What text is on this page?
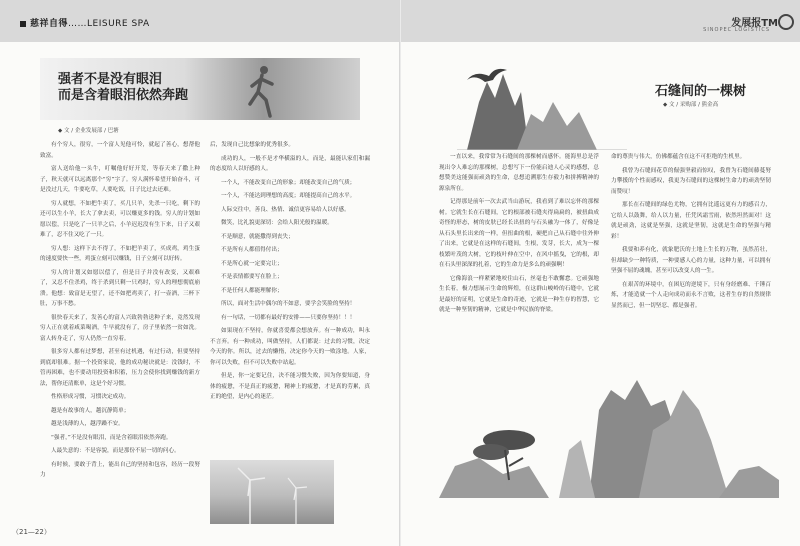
慈祥自得……LEISURE SPA
强者不是没有眼泪
而是含着眼泪依然奔跑
◆ 文 / 企业发展部 / 巴塘

有个穷人，很穷，一个富人见他可怜，就起了善心，想帮他致富。

富人送给他一头牛，叮嘱他好好开荒，等春天来了撒上种子，秋天就可以远离那个“穷”字了。穷人满怀希望开始奋斗，可是没过几天，牛要吃草，人要吃饭，日子比过去还难。

穷人就想，不如把牛卖了，买几只羊，先杀一只吃，剩下的还可以生小羊，长大了拿去卖，可以赚更多的钱。穷人的计划如愿以偿，只是吃了一只羊之后，小羊迟迟没有生下来，日子又艰难了，忍不住又吃了一只。

穷人想：这样下去不得了，不如把羊卖了，买成鸡，鸡生蛋的速度要快一些，鸡蛋立刻可以赚钱，日子立刻可以好转。

穷人的计划又如愿以偿了，但是日子并没有改变，又艰难了，又忍不住杀鸡，终于杀到只剩一只鸡时，穷人的理想彻底崩溃。他想：致富是无望了，还不如把鸡卖了，打一壶酒，三杯下肚，万事不愁。

很快春天来了，发善心的富人兴致勃勃送种子来，竟然发现穷人正在就着咸菜喝酒，牛早就没有了，房子里依然一贫如洗。富人转身走了，穷人仍然一直穷着。

很多穷人都有过梦想，甚至有过机遇，有过行动，但要坚持到底却很难。据一个投资家说，他的成功秘诀就是：没钱时，不管再困难，也不要动用投资和积蓄，压力会使你找到赚钱的新方法，帮你还清账单，这是个好习惯。

性格形成习惯，习惯决定成功。

越是有故事的人，越沉静简单；

越是浅薄的人，越浮躁不安。

“强者，”不是没有眼泪，而是含着眼泪依然奔跑。

人最失意的：不是容貌，而是那份不屈一切的问心。

有时候，要敢于背上，能出自己的坚持和包容，经历一段努力

后，发现自己比想象的优秀很多。

成功的人，一般不是才华横溢的人，而是，最能认家们和漏的态度给人以好感的人。

一个人，不能改变自己的形象；却能改变自己的气质；

一个人，不能达到理想的高度；却能提高自己的水平。

人际交往中，善良、热情、诚信更容易给人以好感。

微笑，比礼貌更深切：会给人阳光般的温暖。

不是顺意，就能撒得到丧失；

不是所有人都值得付出；

不是所心就一定要完让；

不是表情都要写在脸上；

不是任何人都能理解你；

所以，面对生活中偶尔的不如意，要学会笑脸的坚持！

有一句话，一切都有最好的安排——只要你坚持！！！

如果现在不坚持，你就喜爱都会想放弃。有一种成功，叫永不言弃。有一种成功，叫做坚持，人们都说：过去的习惯，决定今天的你。所以，过去的懒惰，决定你今天的一败涂地。人家，你可以失败，但不可以失败中站起。

但是，你一定要记住，决不能习惯失败，因为你要知道，身体的疲惫，不是真正的疲惫，精神上的疲惫，才是真的劳累，真正的绝望，是内心的迷茫。

（21—22）
发展报TM
SINOPEC LOGISTICS
石缝间的一棵树
◆ 文 / 采购部 / 熊金高

一直以来，我常常为石缝间的那棵树而感怀。能海里总是浮现出令人难忘的那棵树，总想写下一份能启迪人心灵的感想，总想赞美这能强而顽劲的生命，总想追溯那生存毅力和拼搏精神的源泉所在。

记得那是前年一次去武当山游玩，我看到了难以忘怀的那棵树。它就生长在石缝间，它的根部被石缝夹得扁扁的，被扭曲成奇怪的形态，树的皮肤已经长出扭的与石头融为一体了，好像是从石头里长出来的一样，但扭曲的根，硬把自己从石缝中往外伸了出来，它就是在这样的石缝间，生根，发芽，长大，成为一棵枝繁叶茂的大树，它的枝叶伸在空中，在风中摇曳，它的根，却在石头里深深的扎着，它的生命力是多么的顽强啊！

它像海浪一样紧紧地咬住山石，丝毫也不敢懈怠。它顽强地生长着，极力想展示生命的辉煌，在这群山峻岭的石缝中，它就是最好的证明，它就是生命的奇迹，它就是一种生存的智慧，它就是一种坚韧的精神，它就是中华民族的脊梁。

命的尊贵与伟大，仿佛都蕴含在这不可拒绝的生机里。

我曾为石缝间花草的倔强坚毅而惊叹，我曾为石缝间藤蔓努力攀援的个性而感叹，我更为石缝间的这棵树生命力的顽劲坚韧而赞叹！

那长在石缝间的绿色尤物，它拥有比遥远更有力的感召力，它给人以鼓舞，给人以力量，任凭风霜雪雨，依然坦然面对！这就是顽劲，这就是坚强，这就是坚韧，这就是生命的坚强与精彩！

我要和养有化，就象肥沃的土地上生长的万物，虽然茁壮，但却缺少一种特质，一种要感人心的力量，这种力量，可以拥有坚强不屈的魂魄，甚至可以改变人的一生。

在艰苦的环境中，在困厄的逆境下，只有身经磨难、千锤百炼，才能造就一个人走向成功而永不言败，这者生存的自然规律显然而已，但一切坚忍、都是强者。
